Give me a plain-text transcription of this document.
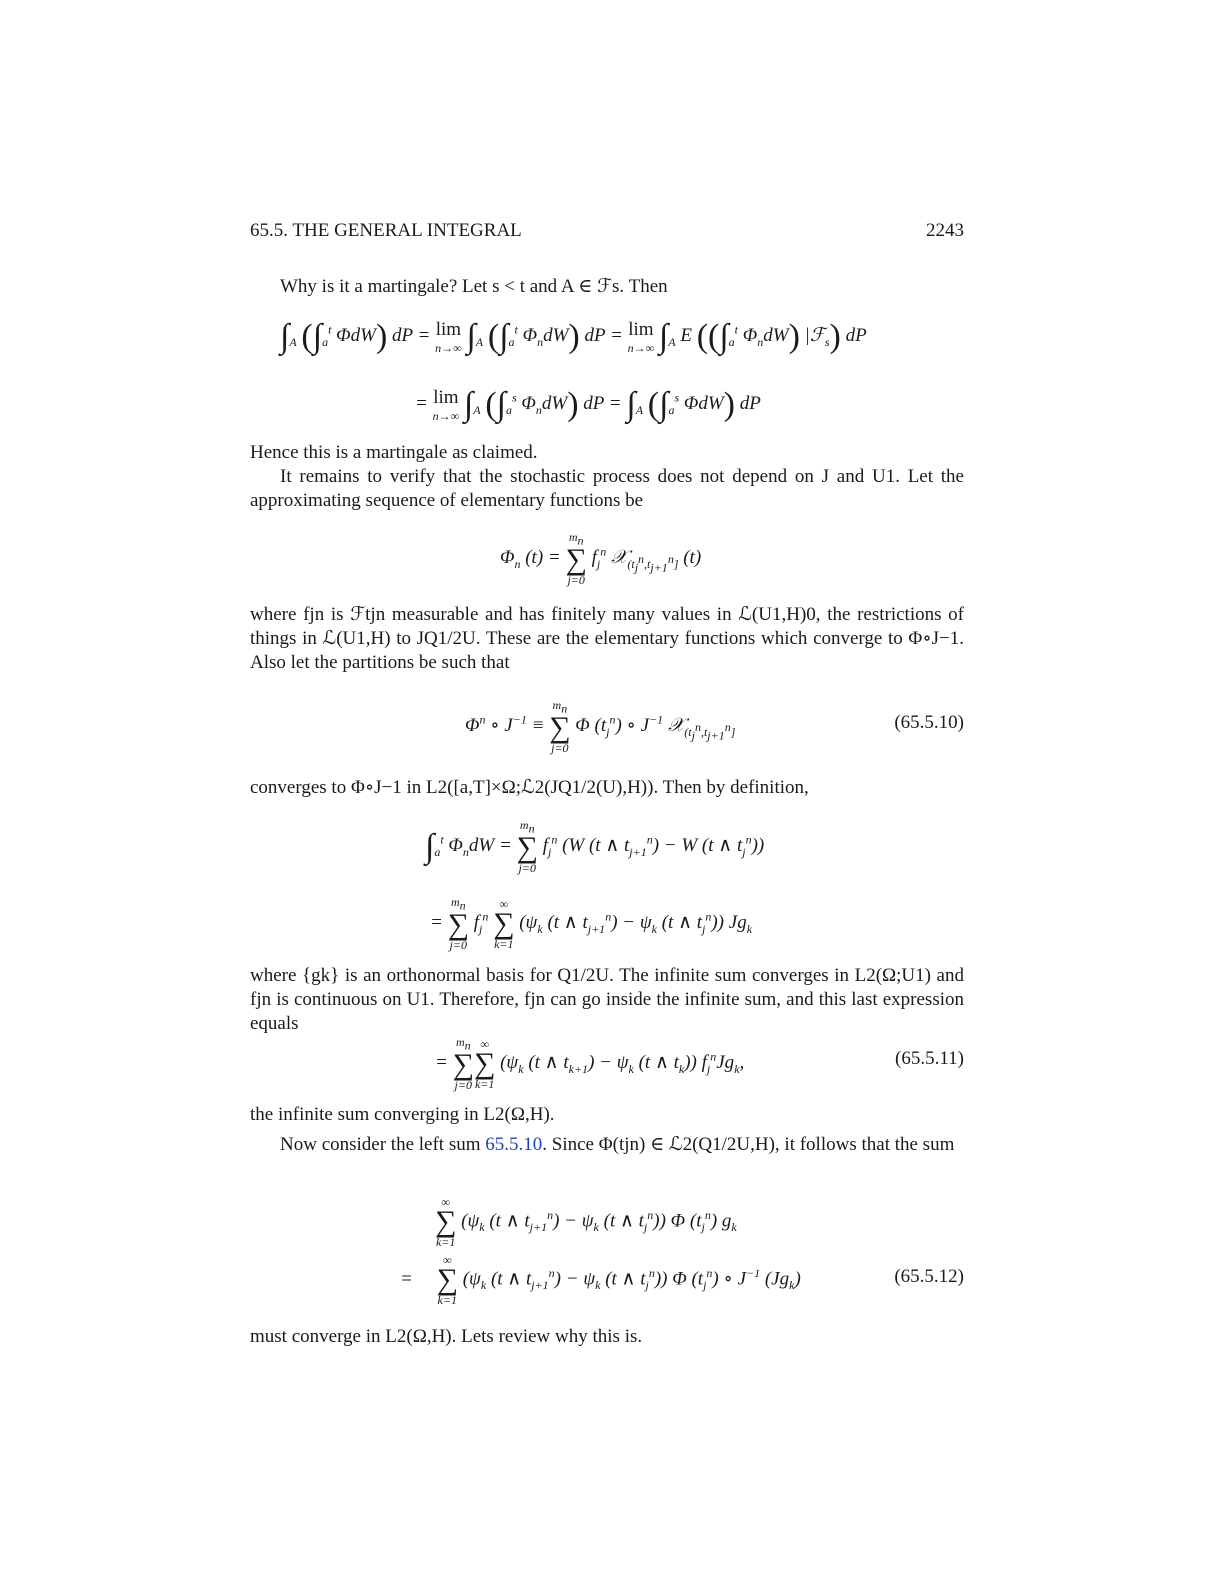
65.5. THE GENERAL INTEGRAL	2243
Why is it a martingale? Let s < t and A ∈ ℱs. Then
$\int_A$ ($\int_a^t$ ΦdW) dP = lim
n→∞ $\int_A$ ($\int_a^t$ $\Phi_ndW$) dP = lim
n→∞ $\int_A$ E (($\int_a^t$ $\Phi_ndW$) |ℱ$_s$) dP
= lim
n→∞ $\int_A$ ($\int_a^s$ $\Phi_ndW$) dP = $\int_A$ ($\int_a^s$ ΦdW) dP
Hence this is a martingale as claimed.
It remains to verify that the stochastic process does not depend on J and U1. Let the approximating sequence of elementary functions be
$\Phi_n$ (t) =
$m_n$
∑
j=0
$f_j^n$ 𝒳$_{(t_j^n,t_{j+1}^n]}$ (t)
where fjn is ℱtjn measurable and has finitely many values in ℒ(U1,H)0, the restrictions of things in ℒ(U1,H) to JQ1/2U. These are the elementary functions which converge to Φ∘J−1. Also let the partitions be such that
$\Phi^n$ ∘ $J^{-1}$ ≡
$m_n$
∑
j=0
Φ $(t_j^n)$ ∘ $J^{-1}$ 𝒳$_{(t_j^n,t_{j+1}^n]}$	(65.5.10)
converges to Φ∘J−1 in L2([a,T]×Ω;ℒ2(JQ1/2(U),H)). Then by definition,
$\int_a^t$ $\Phi_ndW$ =
$m_n$
∑
j=0
$f_j^n$ (W (t ∧ $t_{j+1}^n) - W$ (t ∧ $t_j^n$))
=
$m_n$
∑
j=0
$f_j^n$
∞
∑
k=1
($\psi_k$ (t ∧ $t_{j+1}^n) - \psi_k$ (t ∧ $t_j^n$)) $Jg_k$
where {gk} is an orthonormal basis for Q1/2U. The infinite sum converges in L2(Ω;U1) and fjn is continuous on U1. Therefore, fjn can go inside the infinite sum, and this last expression equals
=
$m_n$
∑
j=0
∞
∑
k=1
($\psi_k$ (t ∧ $t_{k+1}) - \psi_k$ (t ∧ $t_k$)) $f_j^nJg_k$,	(65.5.11)
the infinite sum converging in L2(Ω,H).
Now consider the left sum 65.5.10. Since Φ(tjn) ∈ ℒ2(Q1/2U,H), it follows that the sum
∞
∑
k=1
($\psi_k$ (t ∧ $t_{j+1}^n) - \psi_k$ (t ∧ $t_j^n$)) Φ $(t_j^n)$ $g_k$
=
∞
∑
k=1
($\psi_k$ (t ∧ $t_{j+1}^n) - \psi_k$ (t ∧ $t_j^n$)) Φ $(t_j^n)$ ∘ $J^{-1}$ $(Jg_k)$	(65.5.12)
must converge in L2(Ω,H). Lets review why this is.
